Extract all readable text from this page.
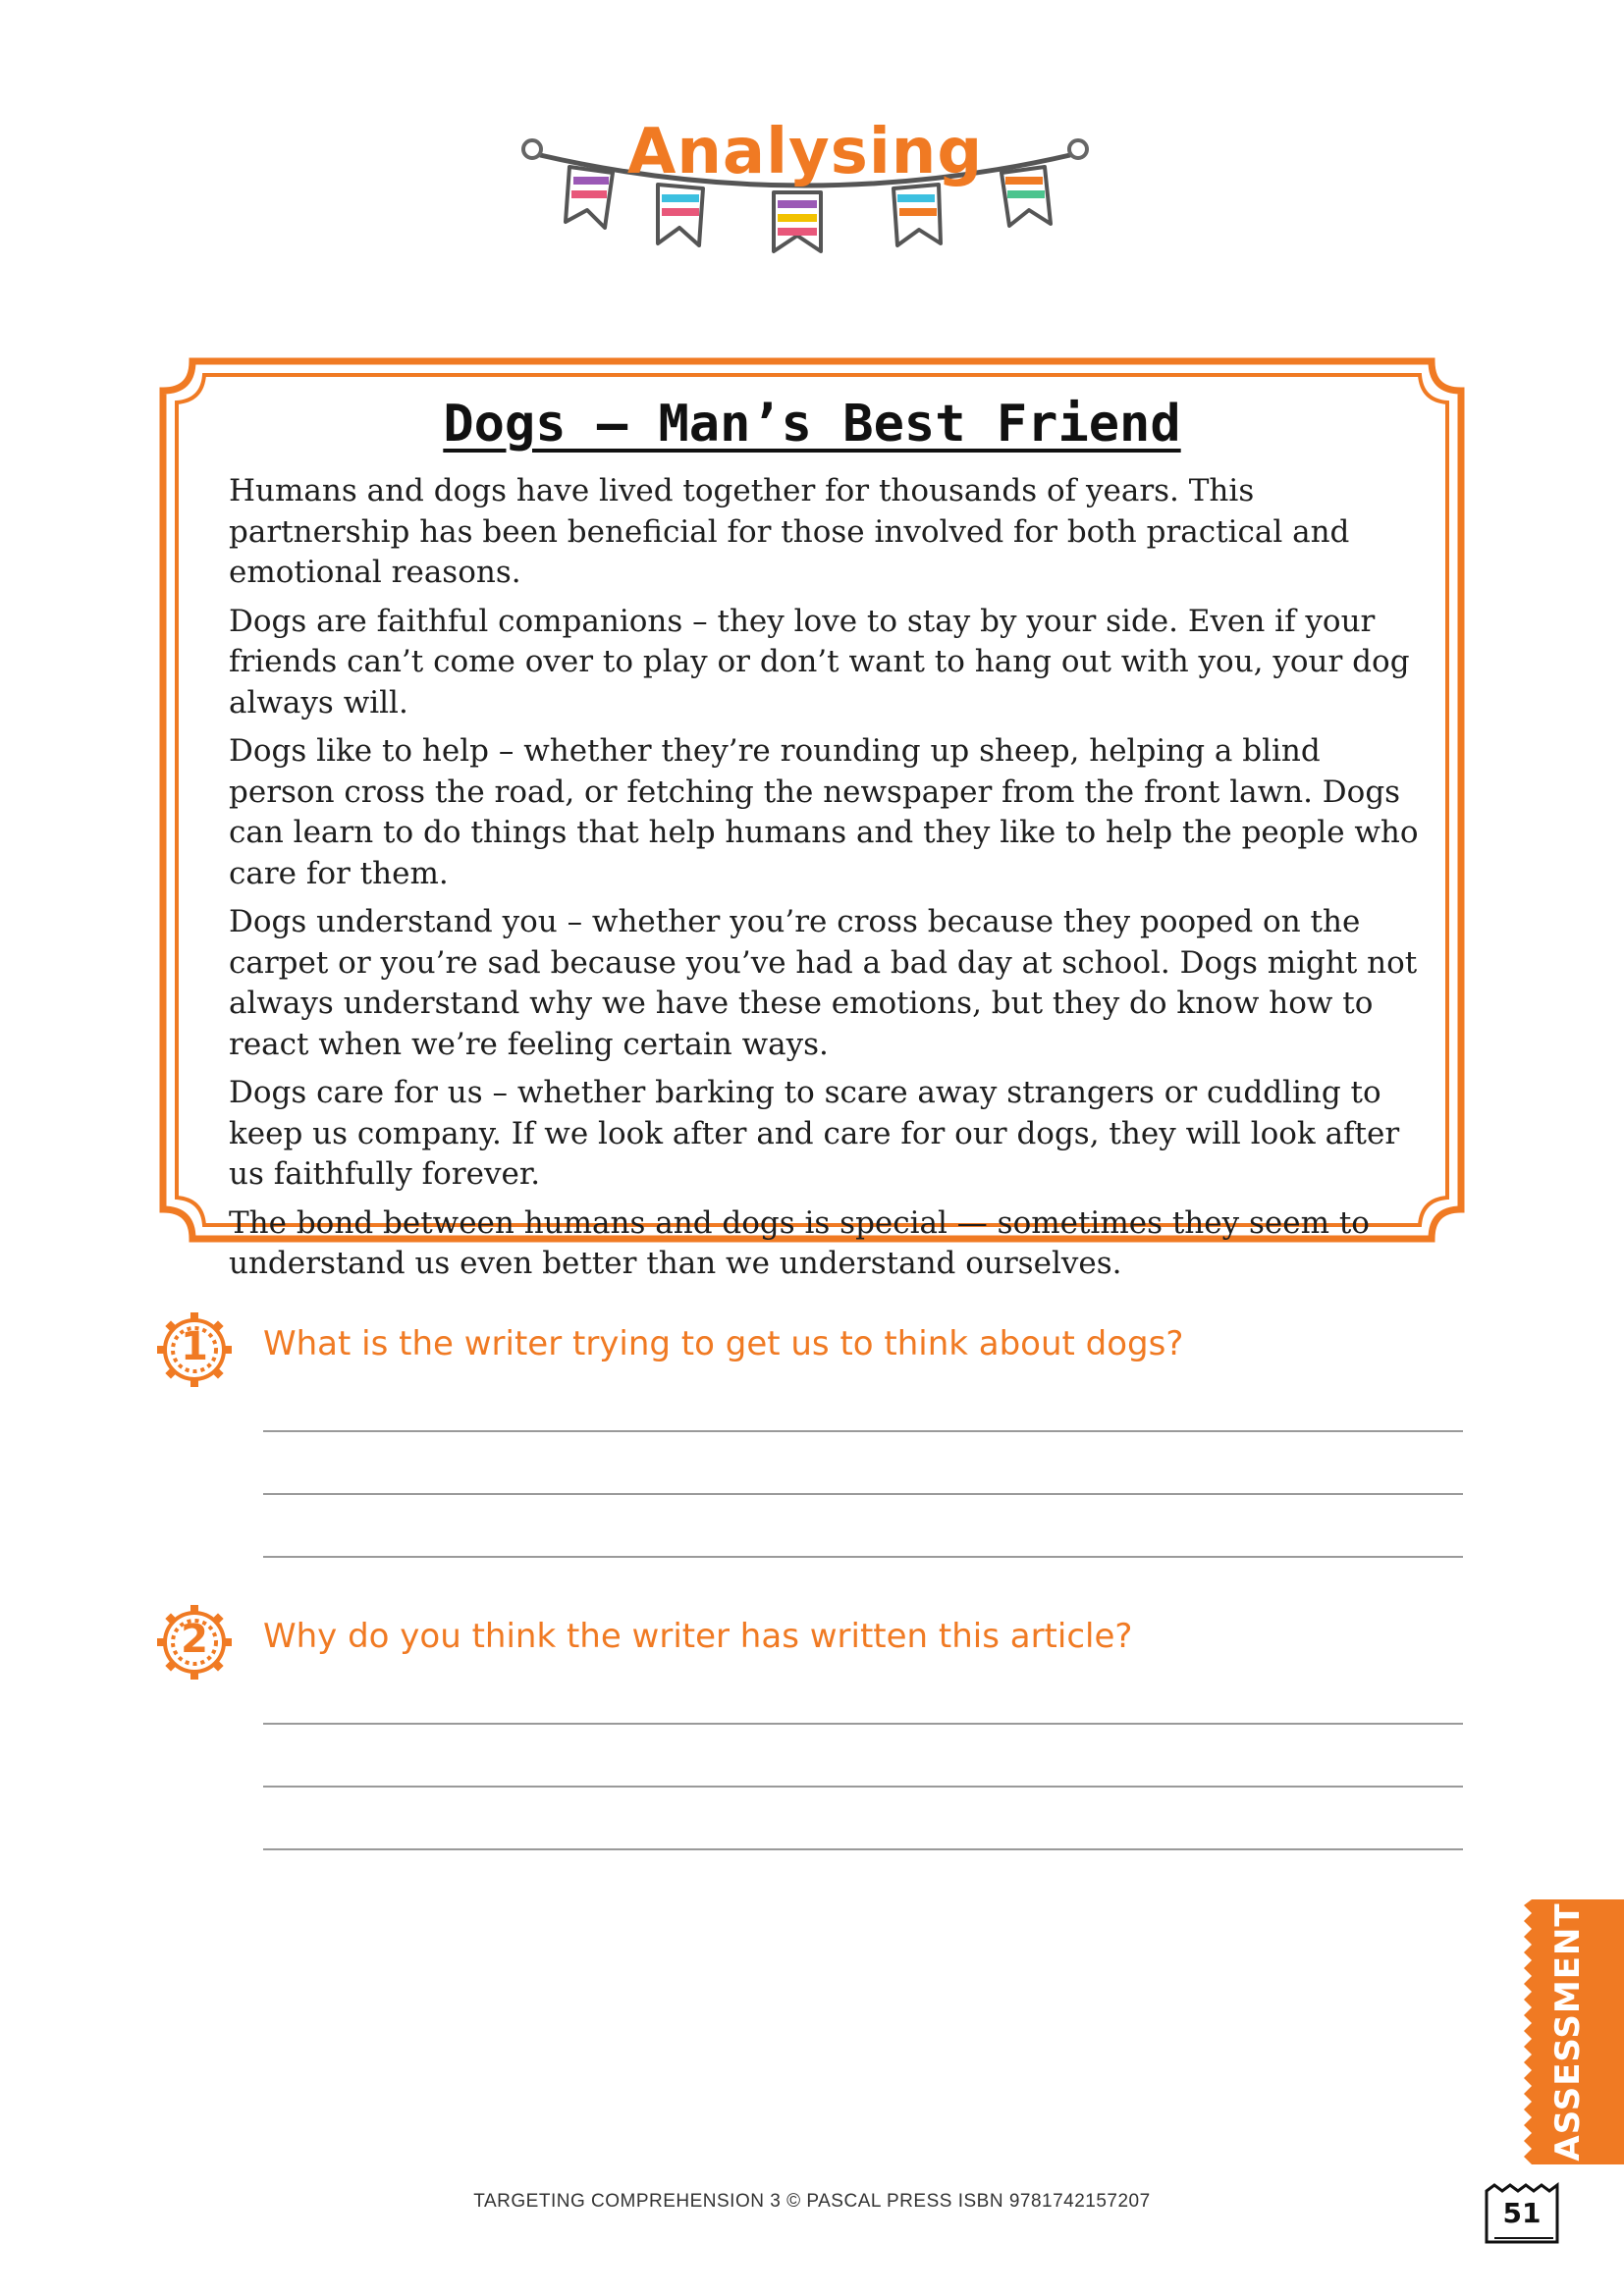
Analysing
Dogs – Man’s Best Friend

Humans and dogs have lived together for thousands of years. This partnership has been beneficial for those involved for both practical and emotional reasons.

Dogs are faithful companions – they love to stay by your side. Even if your friends can’t come over to play or don’t want to hang out with you, your dog always will.

Dogs like to help – whether they’re rounding up sheep, helping a blind person cross the road, or fetching the newspaper from the front lawn. Dogs can learn to do things that help humans and they like to help the people who care for them.

Dogs understand you – whether you’re cross because they pooped on the carpet or you’re sad because you’ve had a bad day at school. Dogs might not always understand why we have these emotions, but they do know how to react when we’re feeling certain ways.

Dogs care for us – whether barking to scare away strangers or cuddling to keep us company. If we look after and care for our dogs, they will look after us faithfully forever.

The bond between humans and dogs is special — sometimes they seem to understand us even better than we understand ourselves.

1	What is the writer trying to get us to think about dogs?
2	Why do you think the writer has written this article?
ASSESSMENT
TARGETING COMPREHENSION 3 © PASCAL PRESS ISBN 9781742157207	51
